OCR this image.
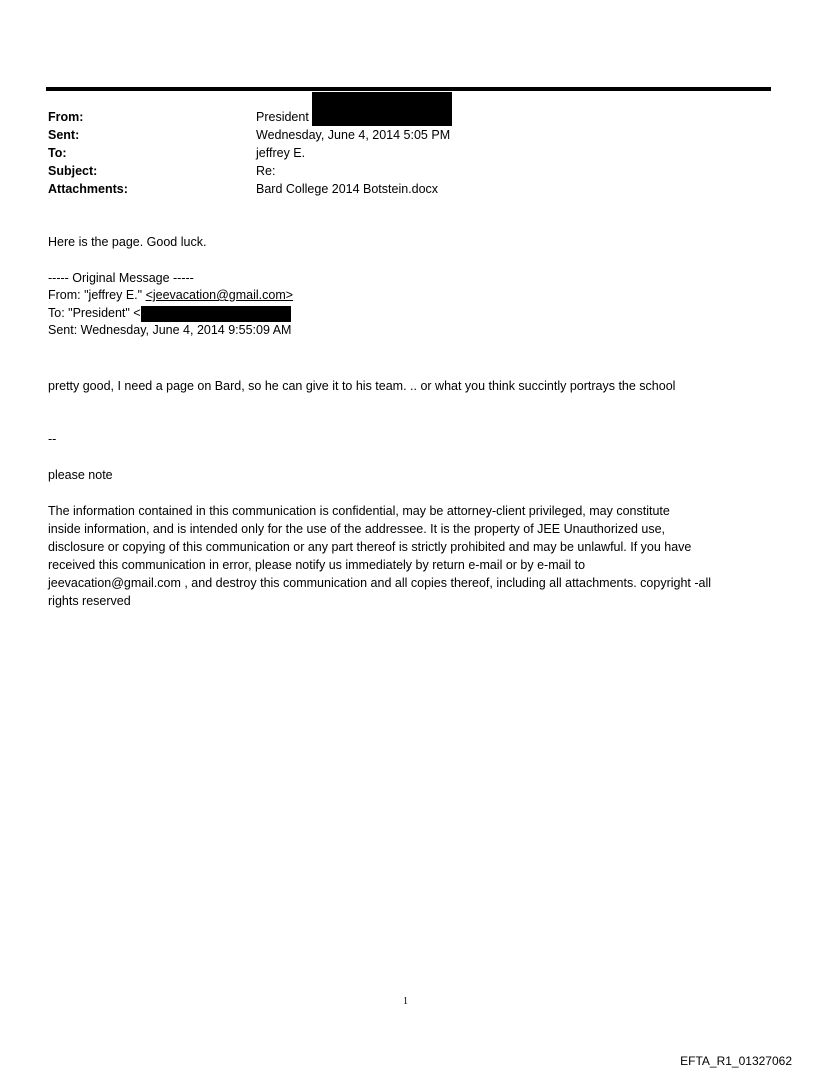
From:	President
Sent:	Wednesday, June 4, 2014 5:05 PM
To:	jeffrey E.
Subject:	Re:
Attachments:	Bard College 2014 Botstein.docx
Here is the page. Good luck.
----- Original Message -----
From: "jeffrey E." <jeevacation@gmail.com>
To: "President" <
Sent: Wednesday, June 4, 2014 9:55:09 AM
pretty good, I need a page on Bard, so he can give it to his team. .. or what you think succintly portrays the school
--
please note
The information contained in this communication is confidential, may be attorney-client privileged, may constitute
inside information, and is intended only for the use of the addressee. It is the property of JEE Unauthorized use,
disclosure or copying of this communication or any part thereof is strictly prohibited and may be unlawful. If you have
received this communication in error, please notify us immediately by return e-mail or by e-mail to
jeevacation@gmail.com , and destroy this communication and all copies thereof, including all attachments. copyright -all
rights reserved
1
EFTA_R1_01327062
